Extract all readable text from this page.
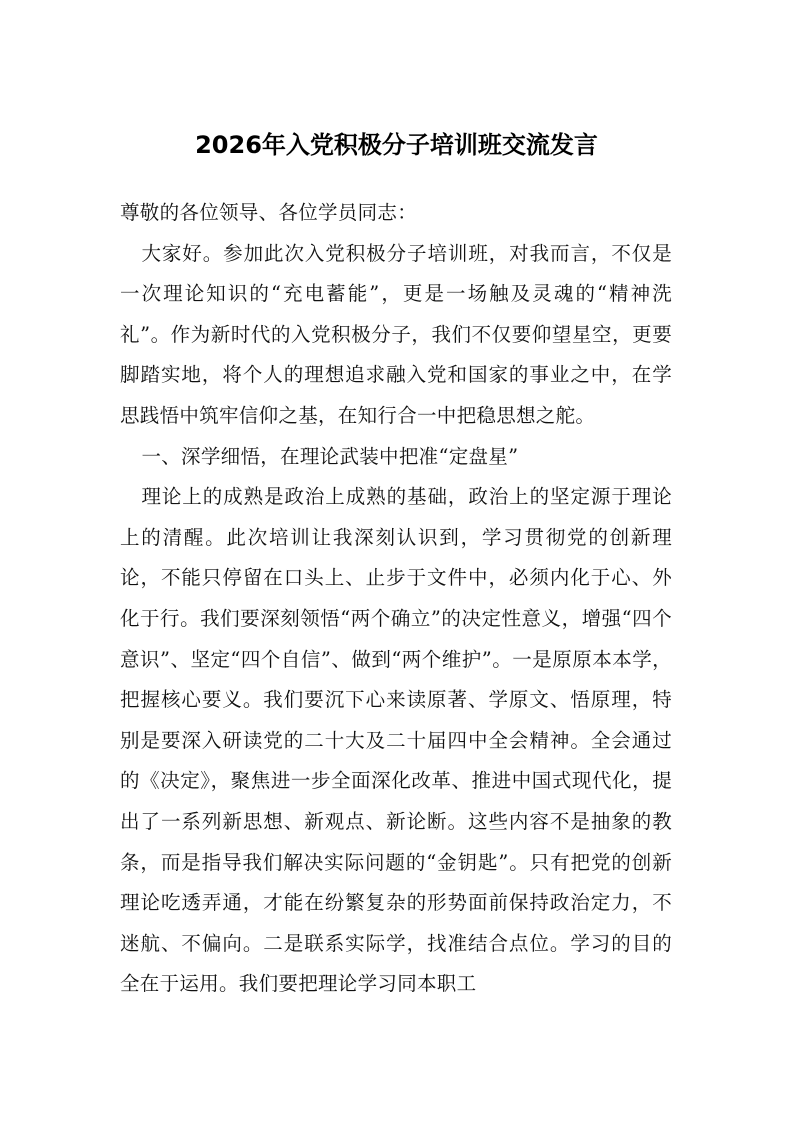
2026年入党积极分子培训班交流发言

尊敬的各位领导、各位学员同志：

大家好。参加此次入党积极分子培训班，对我而言，不仅是一次理论知识的“充电蓄能”，更是一场触及灵魂的“精神洗礼”。作为新时代的入党积极分子，我们不仅要仰望星空，更要脚踏实地，将个人的理想追求融入党和国家的事业之中，在学思践悟中筑牢信仰之基，在知行合一中把稳思想之舵。

一、深学细悟，在理论武装中把准“定盘星”

理论上的成熟是政治上成熟的基础，政治上的坚定源于理论上的清醒。此次培训让我深刻认识到，学习贯彻党的创新理论，不能只停留在口头上、止步于文件中，必须内化于心、外化于行。我们要深刻领悟“两个确立”的决定性意义，增强“四个意识”、坚定“四个自信”、做到“两个维护”。一是原原本本学，把握核心要义。我们要沉下心来读原著、学原文、悟原理，特别是要深入研读党的二十大及二十届四中全会精神。全会通过的《决定》，聚焦进一步全面深化改革、推进中国式现代化，提出了一系列新思想、新观点、新论断。这些内容不是抽象的教条，而是指导我们解决实际问题的“金钥匙”。只有把党的创新理论吃透弄通，才能在纷繁复杂的形势面前保持政治定力，不迷航、不偏向。二是联系实际学，找准结合点位。学习的目的全在于运用。我们要把理论学习同本职工
